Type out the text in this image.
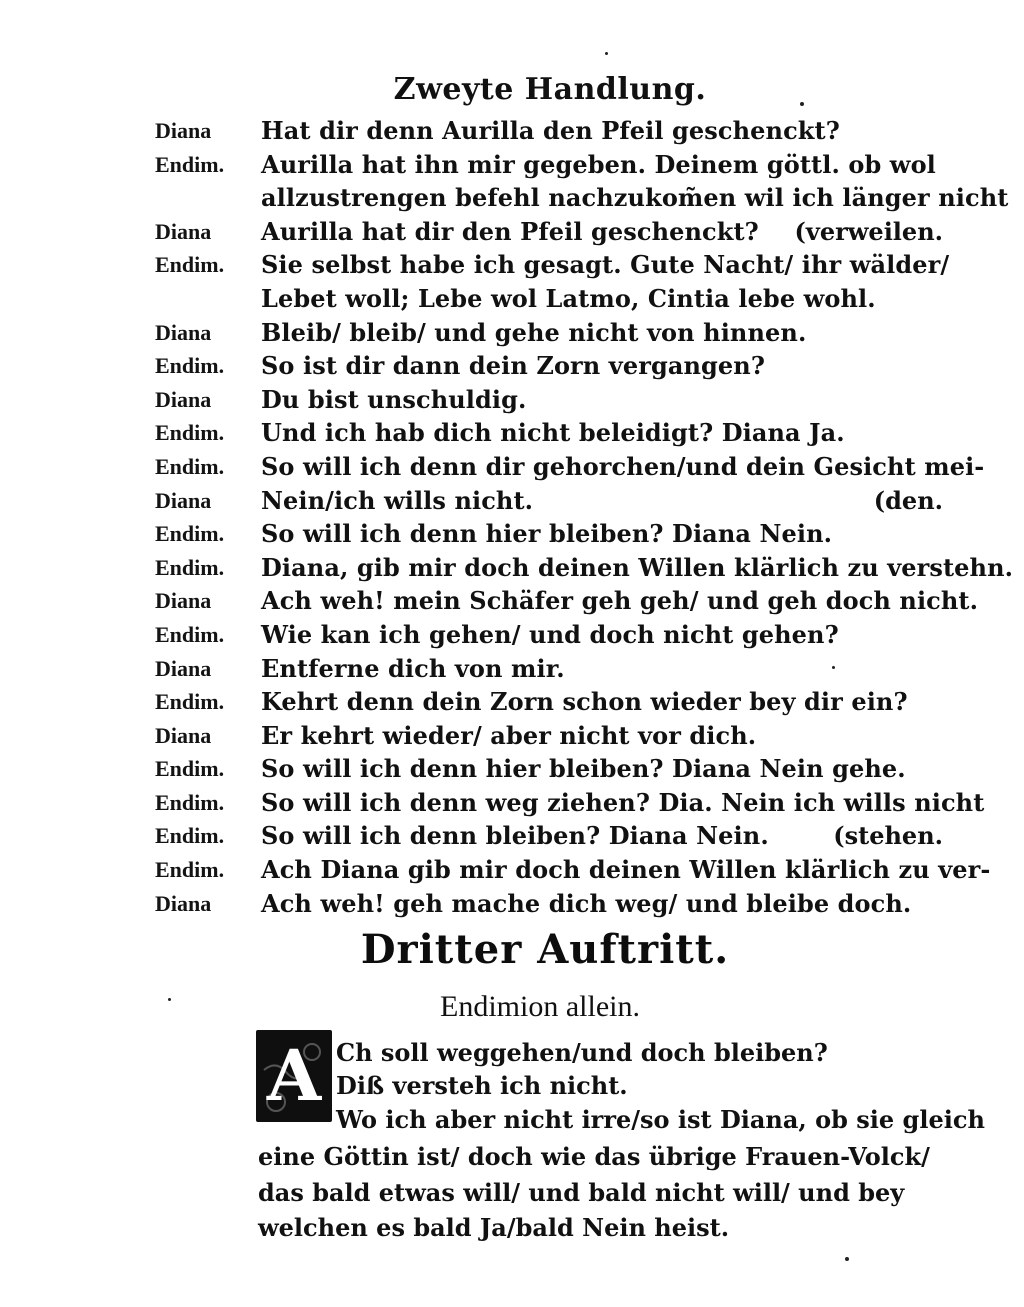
Zweyte Handlung.
Diana	Hat dir denn Aurilla den Pfeil geschenckt?
Endim.	Aurilla hat ihn mir gegeben. Deinem göttl. ob wol
allzustrengen befehl nachzukom̃en wil ich länger nicht
Diana	Aurilla hat dir den Pfeil geschenckt? (verweilen.
Endim.	Sie selbst habe ich gesagt. Gute Nacht/ ihr wälder/
Lebet woll; Lebe wol Latmo, Cintia lebe wohl.
Diana	Bleib/ bleib/ und gehe nicht von hinnen.
Endim.	So ist dir dann dein Zorn vergangen?
Diana	Du bist unschuldig.
Endim.	Und ich hab dich nicht beleidigt? Diana Ja.
Endim.	So will ich denn dir gehorchen/und dein Gesicht mei-
Diana	Nein/ich wills nicht.	(den.
Endim.	So will ich denn hier bleiben? Diana Nein.
Endim.	Diana, gib mir doch deinen Willen klärlich zu verstehn.
Diana	Ach weh! mein Schäfer geh geh/ und geh doch nicht.
Endim.	Wie kan ich gehen/ und doch nicht gehen?
Diana	Entferne dich von mir.
Endim.	Kehrt denn dein Zorn schon wieder bey dir ein?
Diana	Er kehrt wieder/ aber nicht vor dich.
Endim.	So will ich denn hier bleiben? Diana Nein gehe.
Endim.	So will ich denn weg ziehen? Dia. Nein ich wills nicht
Endim.	So will ich denn bleiben? Diana Nein.	(stehen.
Endim.	Ach Diana gib mir doch deinen Willen klärlich zu ver-
Diana	Ach weh! geh mache dich weg/ und bleibe doch.
Dritter Auftritt.
Endimion allein.
A Ch soll weggehen/und doch bleiben?
Diß versteh ich nicht.
Wo ich aber nicht irre/so ist Diana, ob sie gleich
eine Göttin ist/ doch wie das übrige Frauen-Volck/
das bald etwas will/ und bald nicht will/ und bey
welchen es bald Ja/bald Nein heist.
